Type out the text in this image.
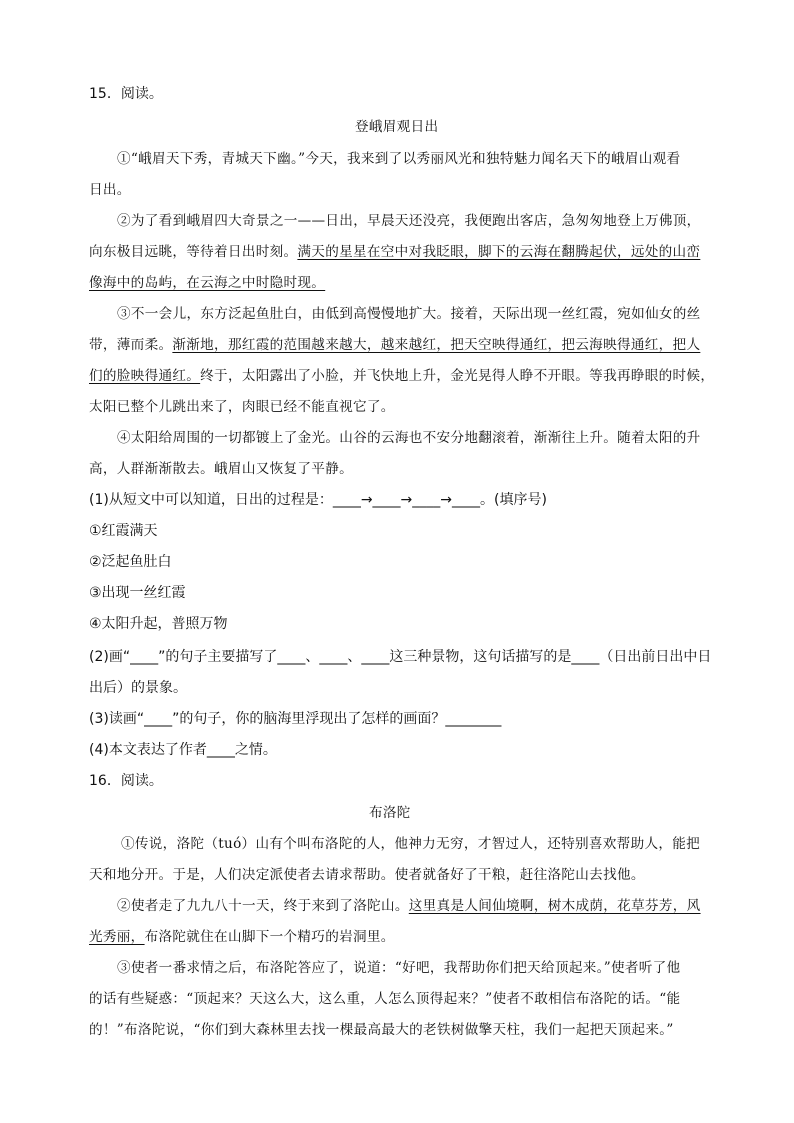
15．阅读。
登峨眉观日出
①“峨眉天下秀，青城天下幽。”今天，我来到了以秀丽风光和独特魅力闻名天下的峨眉山观看
日出。
②为了看到峨眉四大奇景之一——日出，早晨天还没亮，我便跑出客店，急匆匆地登上万佛顶，
向东极目远眺，等待着日出时刻。满天的星星在空中对我眨眼，脚下的云海在翻腾起伏，远处的山峦
像海中的岛屿，在云海之中时隐时现。
③不一会儿，东方泛起鱼肚白，由低到高慢慢地扩大。接着，天际出现一丝红霞，宛如仙女的丝
带，薄而柔。渐渐地，那红霞的范围越来越大，越来越红，把天空映得通红，把云海映得通红，把人
们的脸映得通红。终于，太阳露出了小脸，并飞快地上升，金光晃得人睁不开眼。等我再睁眼的时候，
太阳已整个儿跳出来了，肉眼已经不能直视它了。
④太阳给周围的一切都镀上了金光。山谷的云海也不安分地翻滚着，渐渐往上升。随着太阳的升
高，人群渐渐散去。峨眉山又恢复了平静。
(1)从短文中可以知道，日出的过程是：____→____→____→____。(填序号)
①红霞满天
②泛起鱼肚白
③出现一丝红霞
④太阳升起，普照万物
(2)画“____”的句子主要描写了____、____、____这三种景物，这句话描写的是____（日出前日出中日
出后）的景象。
(3)读画“____”的句子，你的脑海里浮现出了怎样的画面？________
(4)本文表达了作者____之情。
16．阅读。
布洛陀
①传说，洛陀（tuó）山有个叫布洛陀的人，他神力无穷，才智过人，还特别喜欢帮助人，能把
天和地分开。于是，人们决定派使者去请求帮助。使者就备好了干粮，赶往洛陀山去找他。
②使者走了九九八十一天，终于来到了洛陀山。这里真是人间仙境啊，树木成荫，花草芬芳，风
光秀丽，布洛陀就住在山脚下一个精巧的岩洞里。
③使者一番求情之后，布洛陀答应了，说道：“好吧，我帮助你们把天给顶起来。”使者听了他
的话有些疑惑：“顶起来？天这么大，这么重，人怎么顶得起来？”使者不敢相信布洛陀的话。“能
的！”布洛陀说，“你们到大森林里去找一棵最高最大的老铁树做擎天柱，我们一起把天顶起来。”
